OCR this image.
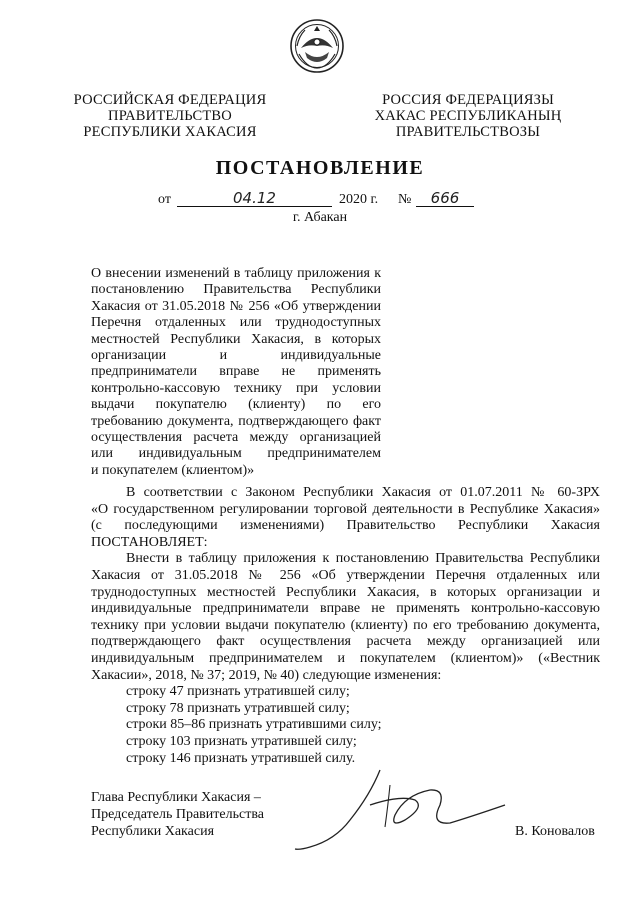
РОССИЙСКАЯ ФЕДЕРАЦИЯ
ПРАВИТЕЛЬСТВО
РЕСПУБЛИКИ ХАКАСИЯ
РОССИЯ ФЕДЕРАЦИЯЗЫ
ХАКАС РЕСПУБЛИКАНЫҢ
ПРАВИТЕЛЬСТВОЗЫ
ПОСТАНОВЛЕНИЕ
от	04.12	2020 г. №	666
г. Абакан
О внесении изменений в таблицу приложения к
постановлению Правительства Республики
Хакасия от 31.05.2018 № 256 «Об утверждении
Перечня отдаленных или труднодоступных
местностей Республики Хакасия, в которых
организации и индивидуальные
предприниматели вправе не применять
контрольно-кассовую технику при условии
выдачи покупателю (клиенту) по его
требованию документа, подтверждающего факт
осуществления расчета между организацией
или индивидуальным предпринимателем
и покупателем (клиентом)»
В соответствии с Законом Республики Хакасия от 01.07.2011 № 60-ЗРХ
«О государственном регулировании торговой деятельности в Республике Хакасия»
(с последующими изменениями) Правительство Республики Хакасия
ПОСТАНОВЛЯЕТ:
Внести в таблицу приложения к постановлению Правительства Республики
Хакасия от 31.05.2018 № 256 «Об утверждении Перечня отдаленных или
труднодоступных местностей Республики Хакасия, в которых организации и
индивидуальные предприниматели вправе не применять контрольно-кассовую
технику при условии выдачи покупателю (клиенту) по его требованию документа,
подтверждающего факт осуществления расчета между организацией или
индивидуальным предпринимателем и покупателем (клиентом)» («Вестник
Хакасии», 2018, № 37; 2019, № 40) следующие изменения:
строку 47 признать утратившей силу;
строку 78 признать утратившей силу;
строки 85–86 признать утратившими силу;
строку 103 признать утратившей силу;
строку 146 признать утратившей силу.
Глава Республики Хакасия –
Председатель Правительства
Республики Хакасия	В. Коновалов
